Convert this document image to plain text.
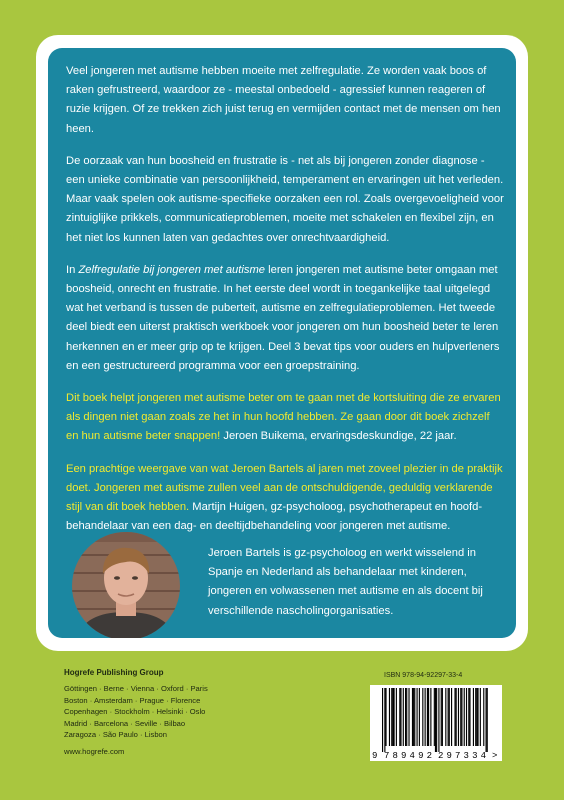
Veel jongeren met autisme hebben moeite met zelfregulatie. Ze worden vaak boos of raken gefrustreerd, waardoor ze - meestal onbedoeld - agressief kunnen reageren of ruzie krijgen. Of ze trekken zich juist terug en vermijden contact met de mensen om hen heen.

De oorzaak van hun boosheid en frustratie is - net als bij jongeren zonder diagnose - een unieke combinatie van persoonlijkheid, temperament en ervaringen uit het verleden. Maar vaak spelen ook autisme-specifieke oorzaken een rol. Zoals overgevoeligheid voor zintuiglijke prikkels, communicatieproblemen, moeite met schakelen en flexibel zijn, en het niet los kunnen laten van gedachtes over onrechtvaardigheid.

In Zelfregulatie bij jongeren met autisme leren jongeren met autisme beter omgaan met boosheid, onrecht en frustratie. In het eerste deel wordt in toegankelijke taal uitgelegd wat het verband is tussen de puberteit, autisme en zelfregulatieproblemen. Het tweede deel biedt een uiterst praktisch werkboek voor jongeren om hun boosheid beter te leren herkennen en er meer grip op te krijgen. Deel 3 bevat tips voor ouders en hulpverleners en een gestructureerd programma voor een groepstraining.

Dit boek helpt jongeren met autisme beter om te gaan met de kortsluiting die ze ervaren als dingen niet gaan zoals ze het in hun hoofd hebben. Ze gaan door dit boek zichzelf en hun autisme beter snappen! Jeroen Buikema, ervaringsdeskundige, 22 jaar.

Een prachtige weergave van wat Jeroen Bartels al jaren met zoveel plezier in de praktijk doet. Jongeren met autisme zullen veel aan de ontschuldigende, geduldig verklarende stijl van dit boek hebben. Martijn Huigen, gz-psycholoog, psychotherapeut en hoofd-behandelaar van een dag- en deeltijdbehandeling voor jongeren met autisme.

Jeroen Bartels is gz-psycholoog en werkt wisselend in Spanje en Nederland als behandelaar met kinderen, jongeren en volwassenen met autisme en als docent bij verschillende nascholingorganisaties.
Hogrefe Publishing Group
Göttingen · Berne · Vienna · Oxford · Paris
Boston · Amsterdam · Prague · Florence
Copenhagen · Stockholm · Helsinki · Oslo
Madrid · Barcelona · Seville · Bilbao
Zaragoza · São Paulo · Lisbon
www.hogrefe.com
ISBN 978-94-92297-33-4
9 789492 297334 >
